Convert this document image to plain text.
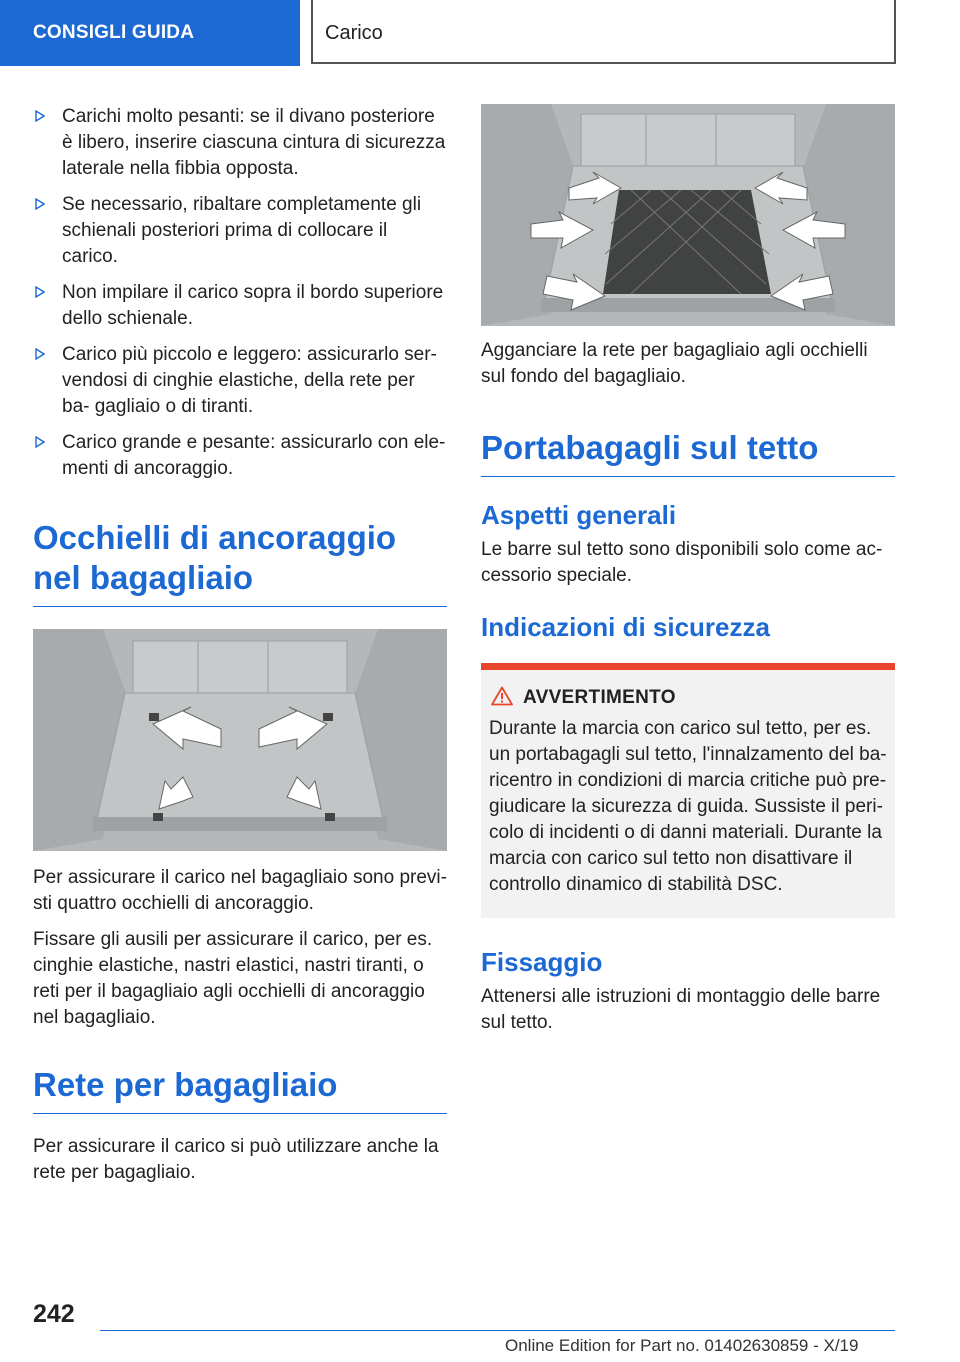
CONSIGLI GUIDA	Carico
Carichi molto pesanti: se il divano posteriore è libero, inserire ciascuna cintura di sicurezza laterale nella fibbia opposta.
Se necessario, ribaltare completamente gli schienali posteriori prima di collocare il carico.
Non impilare il carico sopra il bordo superiore dello schienale.
Carico più piccolo e leggero: assicurarlo ser- vendosi di cinghie elastiche, della rete per ba- gagliaio o di tiranti.
Carico grande e pesante: assicurarlo con ele- menti di ancoraggio.
Occhielli di ancoraggio nel bagagliaio

Per assicurare il carico nel bagagliaio sono previ- sti quattro occhielli di ancoraggio.

Fissare gli ausili per assicurare il carico, per es. cinghie elastiche, nastri elastici, nastri tiranti, o reti per il bagagliaio agli occhielli di ancoraggio nel bagagliaio.

Rete per bagagliaio

Per assicurare il carico si può utilizzare anche la rete per bagagliaio.

Agganciare la rete per bagagliaio agli occhielli sul fondo del bagagliaio.

Portabagagli sul tetto
Aspetti generali

Le barre sul tetto sono disponibili solo come ac- cessorio speciale.

Indicazioni di sicurezza
AVVERTIMENTO

Durante la marcia con carico sul tetto, per es. un portabagagli sul tetto, l'innalzamento del ba- ricentro in condizioni di marcia critiche può pre- giudicare la sicurezza di guida. Sussiste il peri- colo di incidenti o di danni materiali. Durante la marcia con carico sul tetto non disattivare il controllo dinamico di stabilità DSC.

Fissaggio

Attenersi alle istruzioni di montaggio delle barre sul tetto.

242
Online Edition for Part no. 01402630859 - X/19
